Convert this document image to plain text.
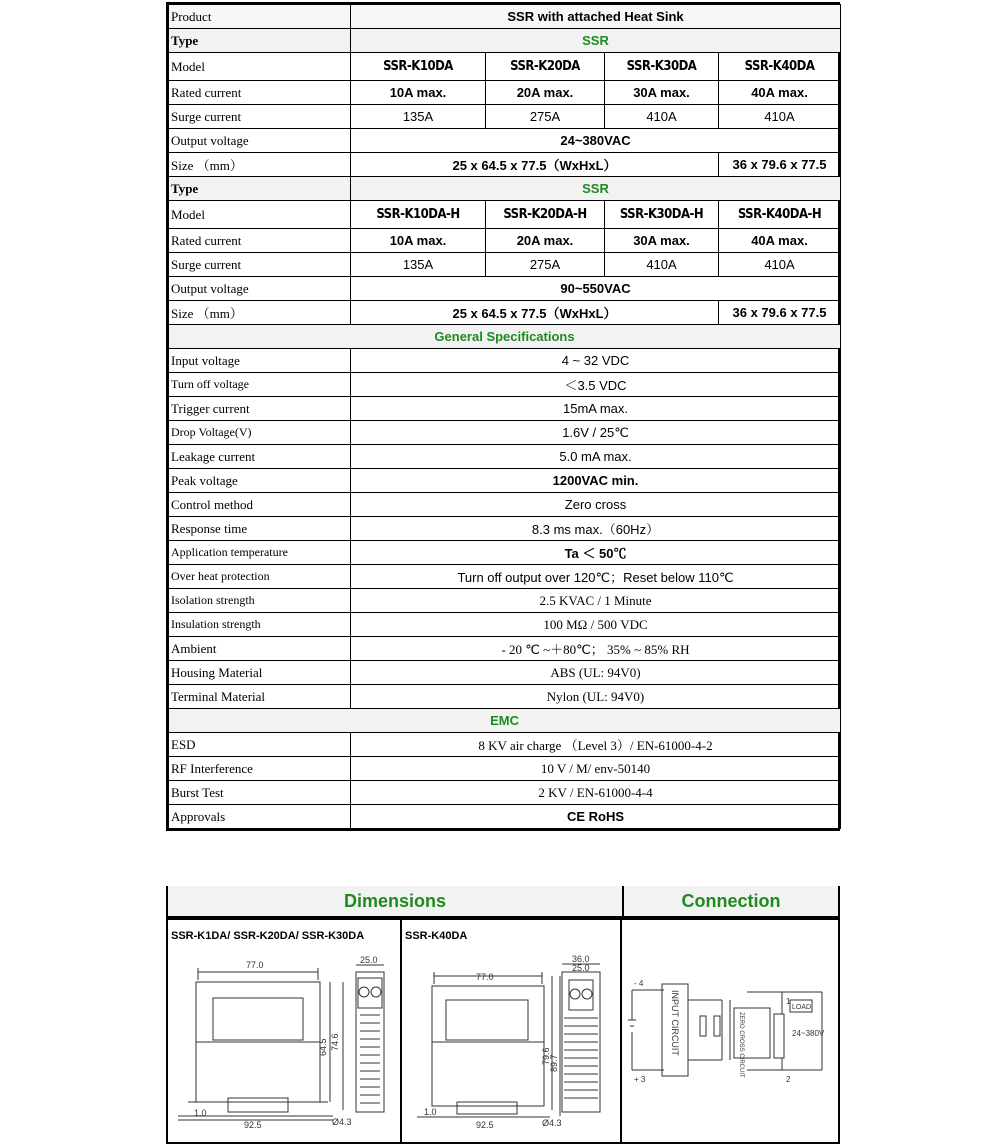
Product	SSR with attached Heat Sink			
Type	SSR			
Model	SSR-K10DA	SSR-K20DA	SSR-K30DA	SSR-K40DA
Rated current	10A max.	20A max.	30A max.	40A max.
Surge current	135A	275A	410A	410A
Output voltage	24~380VAC			
Size （mm）	25 x 64.5 x 77.5（WxHxL）			36 x 79.6 x 77.5
Type	SSR			
Model	SSR-K10DA-H	SSR-K20DA-H	SSR-K30DA-H	SSR-K40DA-H
Rated current	10A max.	20A max.	30A max.	40A max.
Surge current	135A	275A	410A	410A
Output voltage	90~550VAC			
Size （mm）	25 x 64.5 x 77.5（WxHxL）			36 x 79.6 x 77.5
General Specifications				
Input voltage	4 ~ 32 VDC			
Turn off voltage	＜3.5 VDC			
Trigger current	15mA max.			
Drop Voltage(V)	1.6V / 25℃			
Leakage current	5.0 mA max.			
Peak voltage	1200VAC min.			
Control method	Zero cross			
Response time	8.3 ms max.（60Hz）			
Application temperature	Ta ＜ 50℃			
Over heat protection	Turn off output over 120℃；Reset below 110℃			
Isolation strength	2.5 KVAC / 1 Minute			
Insulation strength	100 MΩ / 500 VDC			
Ambient	- 20 ℃ ~＋80℃； 35% ~ 85% RH			
Housing Material	ABS (UL: 94V0)			
Terminal Material	Nylon (UL: 94V0)			
EMC				
ESD	8 KV air charge （Level 3）/ EN-61000-4-2			
RF Interference	10 V / M/ env-50140			
Burst Test	2 KV / EN-61000-4-4			
Approvals	CE RoHS			
Dimensions	Connection
SSR-K1DA/ SSR-K20DA/ SSR-K30DA
77.0	25.0
64.5 74.6
1.0
92.5	Ø4.3
SSR-K40DA
77.0
36.0
25.0
79.6
89.7
1.0
92.5	Ø4.3
- 4
+ 3
1
2
INPUT CIRCUIT	ZERO CROSS CIRCUIT
LOAD
24~380V
